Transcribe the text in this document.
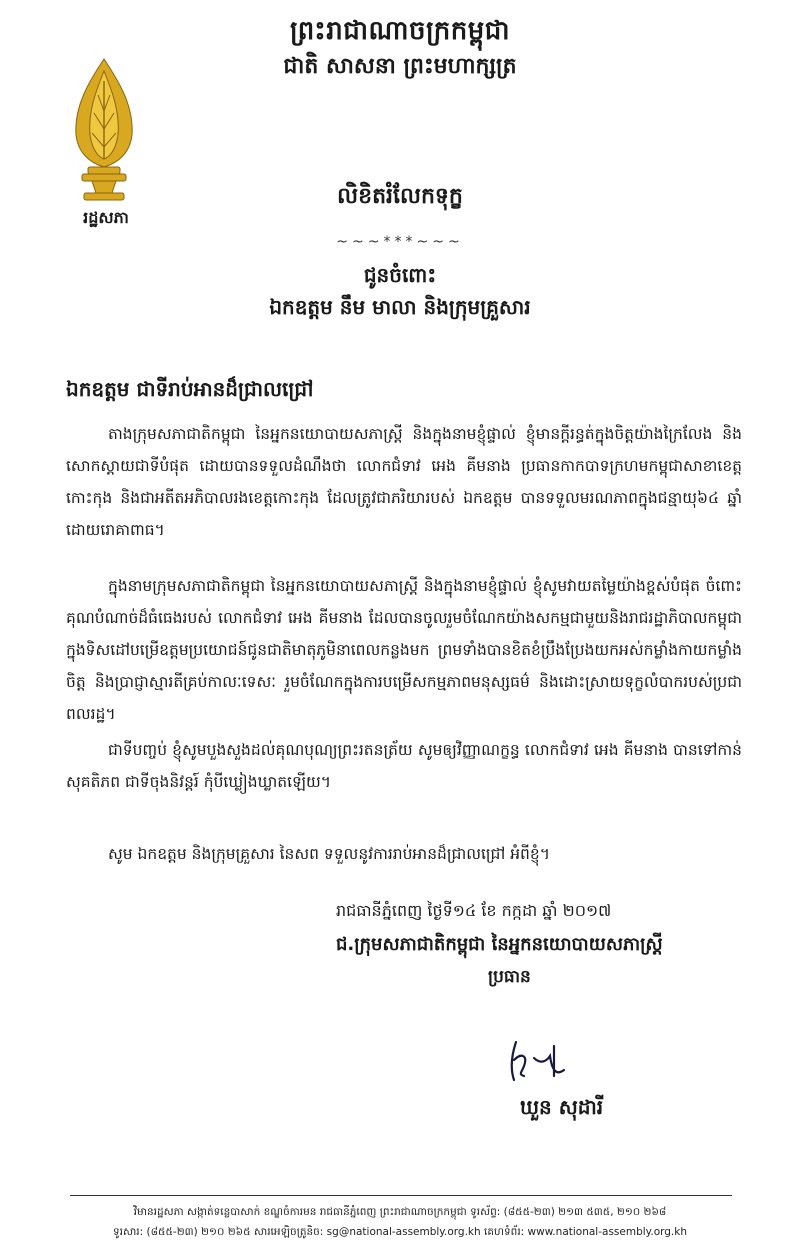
ព្រះរាជាណាចក្រកម្ពុជា
ជាតិ សាសនា ព្រះមហាក្សត្រ
រដ្ឋសភា
លិខិតរំលែកទុក្ខ
~~~***~~~
ជូនចំពោះ
ឯកឧត្តម នឹម មាលា និងក្រុមគ្រួសារ
ឯកឧត្តម ជាទីរាប់អានដ៏ជ្រាលជ្រៅ
តាងក្រុមសភាជាតិកម្ពុជា នៃអ្នកនយោបាយសភាស្ត្រី និងក្នុងនាមខ្ញុំផ្ទាល់ ខ្ញុំមានក្តីរន្ធត់ក្នុងចិត្តយ៉ាងក្រៃលែង និងសោកស្តាយជាទីបំផុត ដោយបានទទួលដំណឹងថា លោកជំទាវ អេង គីមនាង ប្រធានកាកបាទក្រហមកម្ពុជាសាខាខេត្តកោះកុង និងជាអតីតអភិបាលរងខេត្តកោះកុង ដែលត្រូវជាភរិយារបស់ ឯកឧត្តម បានទទួលមរណភាពក្នុងជន្មាយុ៦៤ ឆ្នាំ ដោយរោគាពាធ។
ក្នុងនាមក្រុមសភាជាតិកម្ពុជា នៃអ្នកនយោបាយសភាស្ត្រី និងក្នុងនាមខ្ញុំផ្ទាល់ ខ្ញុំសូមវាយតម្លៃយ៉ាងខ្ពស់បំផុត ចំពោះគុណបំណាច់ដ៏ធំធេងរបស់ លោកជំទាវ អេង គីមនាង ដែលបានចូលរួមចំណែកយ៉ាងសកម្មជាមួយនិងរាជរដ្ឋាភិបាលកម្ពុជា ក្នុងទិសដៅបម្រើឧត្តមប្រយោជន៍ជូនជាតិមាតុភូមិនាពេលកន្លងមក ព្រមទាំងបានខិតខំប្រឹងប្រែងយកអស់កម្លាំងកាយកម្លាំងចិត្ត និងប្រាជ្ញាស្មារតីគ្រប់កាលៈទេសៈ រួមចំណែកក្នុងការបម្រើសកម្មភាពមនុស្សធម៌ និងដោះស្រាយទុក្ខលំបាករបស់ប្រជាពលរដ្ឋ។
ជាទីបញ្ចប់ ខ្ញុំសូមបួងសួងដល់គុណបុណ្យព្រះរតនត្រ័យ សូមឲ្យវិញ្ញាណក្ខន្ធ លោកជំទាវ អេង គីមនាង បានទៅកាន់សុគតិភព ជាទីចុងនិវន្តរ៍ កុំបីឃ្លៀងឃ្លាតឡើយ។
សូម ឯកឧត្តម និងក្រុមគ្រួសារ នៃសព ទទួលនូវការរាប់អានដ៏ជ្រាលជ្រៅ អំពីខ្ញុំ។
រាជធានីភ្នំពេញ ថ្ងៃទី១៤ ខែ កក្កដា ឆ្នាំ ២០១៧
ជ.ក្រុមសភាជាតិកម្ពុជា នៃអ្នកនយោបាយសភាស្ត្រី
ប្រធាន
ឃួន សុដារី
វិមានរដ្ឋសភា សង្កាត់ទន្លេបាសាក់ ខណ្ឌចំការមន រាជធានីភ្នំពេញ ព្រះរាជាណាចក្រកម្ពុជា ទូរស័ព្ទ: (៨៥៥-២៣) ២១៣ ៥៣៥, ២១០ ២៦៨
ទូរសារ: (៨៥៥-២៣) ២១០ ២៦៥ សារអេឡិចត្រូនិច: sg@national-assembly.org.kh គេហទំព័រ: www.national-assembly.org.kh
